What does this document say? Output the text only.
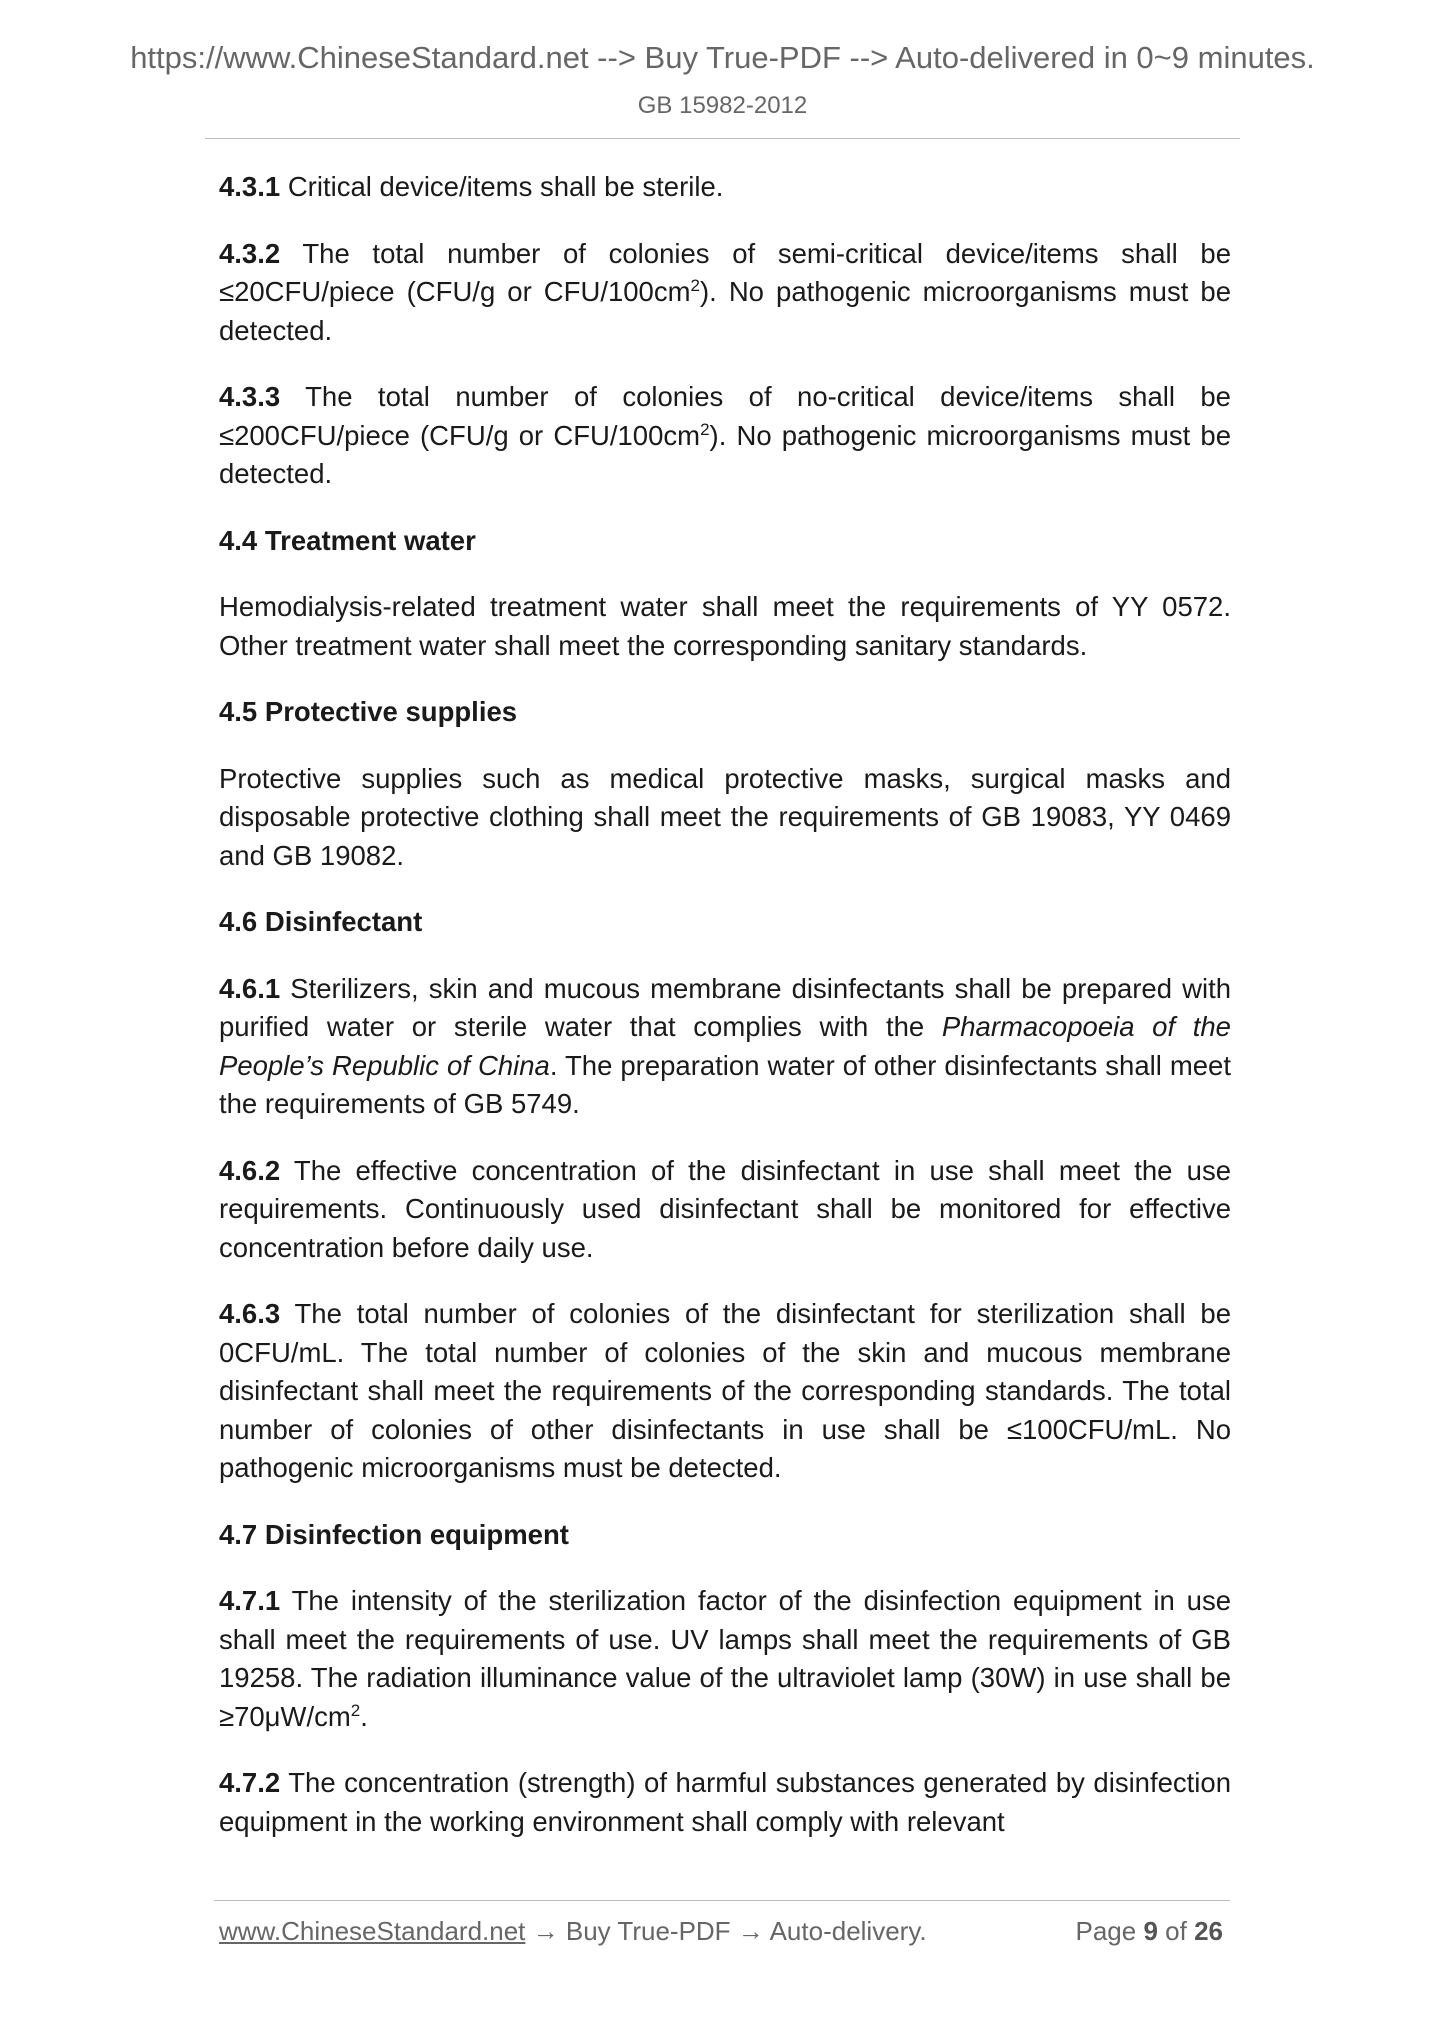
https://www.ChineseStandard.net --> Buy True-PDF --> Auto-delivered in 0~9 minutes.
GB 15982-2012

4.3.1 Critical device/items shall be sterile.

4.3.2 The total number of colonies of semi-critical device/items shall be ≤20CFU/piece (CFU/g or CFU/$100cm^2$). No pathogenic microorganisms must be detected.

4.3.3 The total number of colonies of no-critical device/items shall be ≤200CFU/piece (CFU/g or CFU/$100cm^2$). No pathogenic microorganisms must be detected.

4.4 Treatment water

Hemodialysis-related treatment water shall meet the requirements of YY 0572. Other treatment water shall meet the corresponding sanitary standards.

4.5 Protective supplies

Protective supplies such as medical protective masks, surgical masks and disposable protective clothing shall meet the requirements of GB 19083, YY 0469 and GB 19082.

4.6 Disinfectant

4.6.1 Sterilizers, skin and mucous membrane disinfectants shall be prepared with purified water or sterile water that complies with the Pharmacopoeia of the People’s Republic of China. The preparation water of other disinfectants shall meet the requirements of GB 5749.

4.6.2 The effective concentration of the disinfectant in use shall meet the use requirements. Continuously used disinfectant shall be monitored for effective concentration before daily use.

4.6.3 The total number of colonies of the disinfectant for sterilization shall be 0CFU/mL. The total number of colonies of the skin and mucous membrane disinfectant shall meet the requirements of the corresponding standards. The total number of colonies of other disinfectants in use shall be ≤100CFU/mL. No pathogenic microorganisms must be detected.

4.7 Disinfection equipment

4.7.1 The intensity of the sterilization factor of the disinfection equipment in use shall meet the requirements of use. UV lamps shall meet the requirements of GB 19258. The radiation illuminance value of the ultraviolet lamp (30W) in use shall be $\ge 70\mu W/cm^2$.

4.7.2 The concentration (strength) of harmful substances generated by disinfection equipment in the working environment shall comply with relevant

www.ChineseStandard.net → Buy True-PDF → Auto-delivery.	Page 9 of 26
